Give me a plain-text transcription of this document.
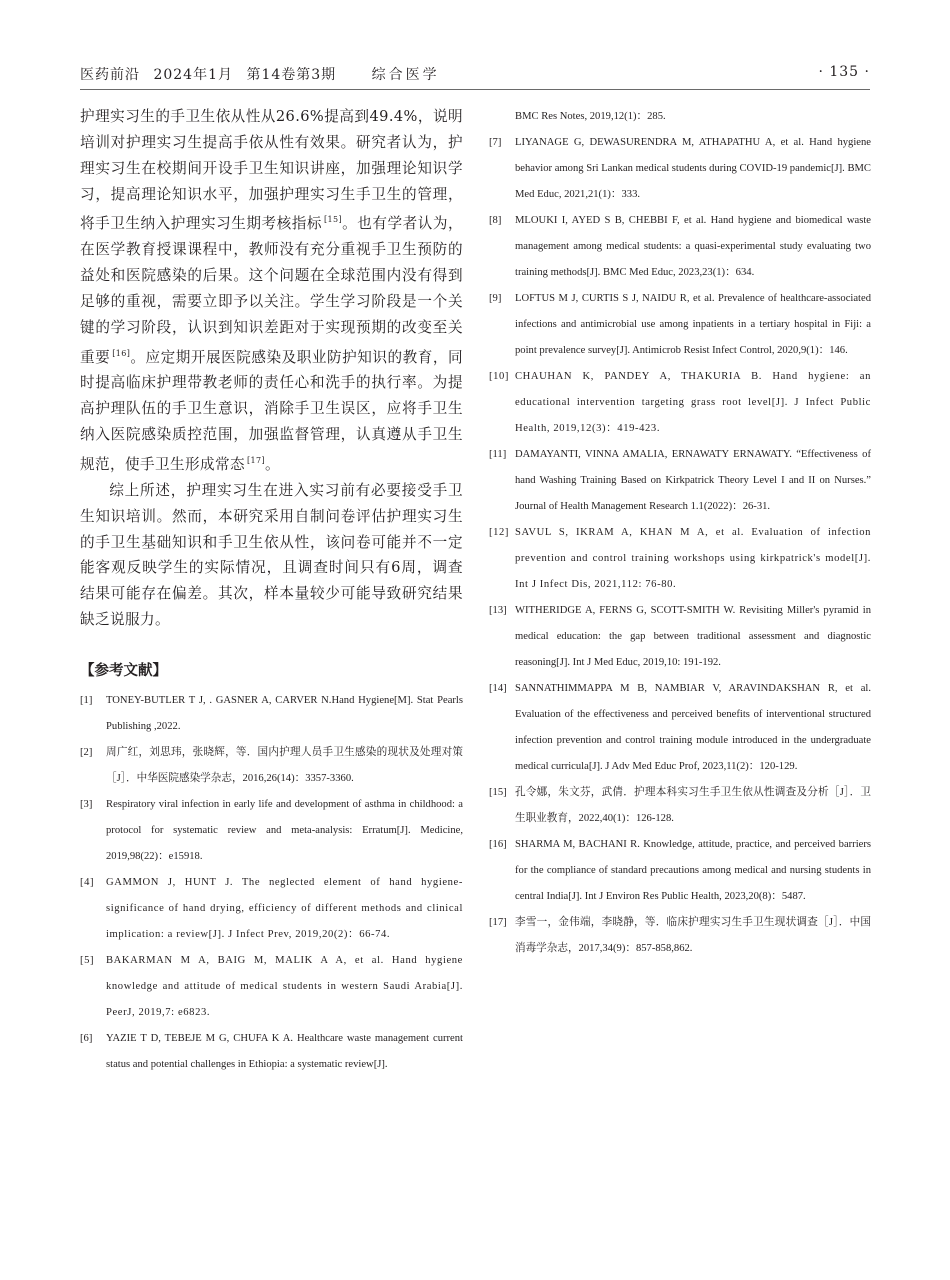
医药前沿 2024年1月 第14卷第3期	综合医学	· 135 ·

护理实习生的手卫生依从性从26.6%提高到49.4%，说明培训对护理实习生提高手依从性有效果。研究者认为，护理实习生在校期间开设手卫生知识讲座，加强理论知识学习，提高理论知识水平，加强护理实习生手卫生的管理，将手卫生纳入护理实习生期考核指标 [15]。也有学者认为，在医学教育授课课程中，教师没有充分重视手卫生预防的益处和医院感染的后果。这个问题在全球范围内没有得到足够的重视，需要立即予以关注。学生学习阶段是一个关键的学习阶段，认识到知识差距对于实现预期的改变至关重要 [16]。应定期开展医院感染及职业防护知识的教育，同时提高临床护理带教老师的责任心和洗手的执行率。为提高护理队伍的手卫生意识，消除手卫生误区，应将手卫生纳入医院感染质控范围，加强监督管理，认真遵从手卫生规范，使手卫生形成常态 [17]。

综上所述，护理实习生在进入实习前有必要接受手卫生知识培训。然而，本研究采用自制问卷评估护理实习生的手卫生基础知识和手卫生依从性，该问卷可能并不一定能客观反映学生的实际情况，且调查时间只有6周，调查结果可能存在偏差。其次，样本量较少可能导致研究结果缺乏说服力。

【参考文献】

[1] TONEY-BUTLER T J, . GASNER A, CARVER N.Hand Hygiene[M]. Stat Pearls Publishing ,2022.

[2] 周广红，刘思玮，张晓辉，等．国内护理人员手卫生感染的现状及处理对策［J］．中华医院感染学杂志，2016,26(14)：3357-3360.

[3] Respiratory viral infection in early life and development of asthma in childhood: a protocol for systematic review and meta-analysis: Erratum[J]. Medicine, 2019,98(22)：e15918.

[4] GAMMON J, HUNT J. The neglected element of hand hygiene-significance of hand drying, efficiency of different methods and clinical implication: a review[J]. J Infect Prev, 2019,20(2)：66-74.

[5] BAKARMAN M A, BAIG M, MALIK A A, et al. Hand hygiene knowledge and attitude of medical students in western Saudi Arabia[J]. PeerJ, 2019,7: e6823.

[6] YAZIE T D, TEBEJE M G, CHUFA K A. Healthcare waste management current status and potential challenges in Ethiopia: a systematic review[J].

BMC Res Notes, 2019,12(1)：285.

[7] LIYANAGE G, DEWASURENDRA M, ATHAPATHU A, et al. Hand hygiene behavior among Sri Lankan medical students during COVID-19 pandemic[J]. BMC Med Educ, 2021,21(1)：333.

[8] MLOUKI I, AYED S B, CHEBBI F, et al. Hand hygiene and biomedical waste management among medical students: a quasi-experimental study evaluating two training methods[J]. BMC Med Educ, 2023,23(1)：634.

[9] LOFTUS M J, CURTIS S J, NAIDU R, et al. Prevalence of healthcare-associated infections and antimicrobial use among inpatients in a tertiary hospital in Fiji: a point prevalence survey[J]. Antimicrob Resist Infect Control, 2020,9(1)：146.

[10] CHAUHAN K, PANDEY A, THAKURIA B. Hand hygiene: an educational intervention targeting grass root level[J]. J Infect Public Health, 2019,12(3)：419-423.

[11] DAMAYANTI, VINNA AMALIA, ERNAWATY ERNAWATY. “Effectiveness of hand Washing Training Based on Kirkpatrick Theory Level I and II on Nurses.” Journal of Health Management Research 1.1(2022)：26-31.

[12] SAVUL S, IKRAM A, KHAN M A, et al. Evaluation of infection prevention and control training workshops using kirkpatrick's model[J]. Int J Infect Dis, 2021,112: 76-80.

[13] WITHERIDGE A, FERNS G, SCOTT-SMITH W. Revisiting Miller's pyramid in medical education: the gap between traditional assessment and diagnostic reasoning[J]. Int J Med Educ, 2019,10: 191-192.

[14] SANNATHIMMAPPA M B, NAMBIAR V, ARAVINDAKSHAN R, et al. Evaluation of the effectiveness and perceived benefits of interventional structured infection prevention and control training module introduced in the undergraduate medical curricula[J]. J Adv Med Educ Prof, 2023,11(2)：120-129.

[15] 孔令娜，朱文芬，武倩．护理本科实习生手卫生依从性调查及分析［J］．卫生职业教育，2022,40(1)：126-128.

[16] SHARMA M, BACHANI R. Knowledge, attitude, practice, and perceived barriers for the compliance of standard precautions among medical and nursing students in central India[J]. Int J Environ Res Public Health, 2023,20(8)：5487.

[17] 李雪一，金伟端，李晓静，等．临床护理实习生手卫生现状调查［J］．中国消毒学杂志，2017,34(9)：857-858,862.
